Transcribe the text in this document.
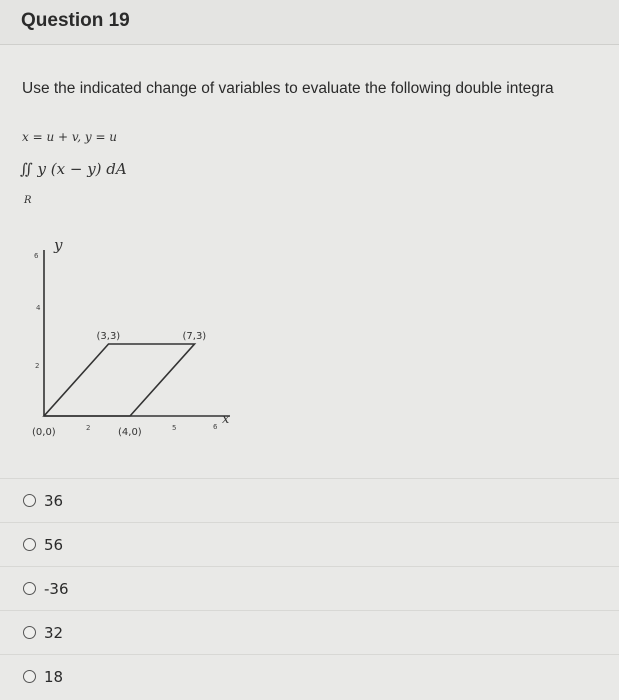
Question 19
Use the indicated change of variables to evaluate the following double integra
x = u + v, y = u
∬ y (x − y) dA
R
y
x
6
4
2
2	5	6
(0,0)	(4,0)
(3,3)	(7,3)
36
56
-36
32
18
